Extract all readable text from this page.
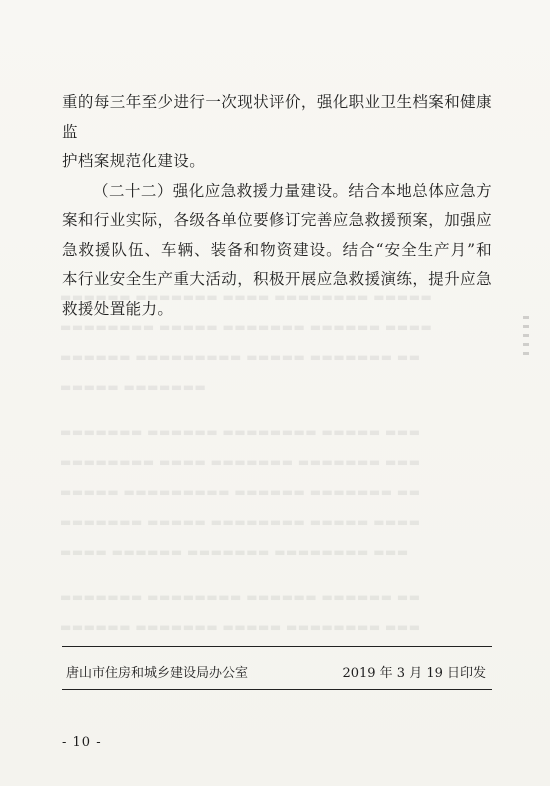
▬▬▬▬▬▬ ▬▬▬▬▬▬▬ ▬▬▬▬ ▬▬▬▬▬▬▬▬ ▬▬▬▬▬

▬▬▬▬▬▬▬▬ ▬▬▬▬▬ ▬▬▬▬▬▬▬ ▬▬▬▬▬▬ ▬▬▬▬

▬▬▬▬▬▬ ▬▬▬▬▬▬▬▬▬ ▬▬▬▬▬ ▬▬▬▬▬▬▬ ▬▬

▬▬▬▬▬ ▬▬▬▬▬▬▬

▬▬▬▬▬▬▬ ▬▬▬▬▬▬ ▬▬▬▬▬▬▬▬ ▬▬▬▬▬ ▬▬▬

▬▬▬▬▬▬▬▬ ▬▬▬▬ ▬▬▬▬▬▬▬ ▬▬▬▬▬▬▬ ▬▬▬

▬▬▬▬▬ ▬▬▬▬▬▬▬▬▬ ▬▬▬▬▬▬ ▬▬▬▬▬▬▬ ▬▬

▬▬▬▬▬▬▬ ▬▬▬▬▬ ▬▬▬▬▬▬▬▬ ▬▬▬▬▬ ▬▬▬▬

▬▬▬▬ ▬▬▬▬▬▬ ▬▬▬▬▬▬▬ ▬▬▬▬▬▬▬▬ ▬▬▬

▬▬▬▬▬▬▬ ▬▬▬▬▬▬▬▬ ▬▬▬▬▬▬ ▬▬▬▬▬▬ ▬▬

▬▬▬▬▬▬ ▬▬▬▬▬▬▬ ▬▬▬▬▬ ▬▬▬▬▬▬▬▬ ▬▬▬

重的每三年至少进行一次现状评价，强化职业卫生档案和健康监
护档案规范化建设。

（二十二）强化应急救援力量建设。结合本地总体应急方案和行业实际，各级各单位要修订完善应急救援预案，加强应急救援队伍、车辆、装备和物资建设。结合“安全生产月”和本行业安全生产重大活动，积极开展应急救援演练，提升应急救援处置能力。

唐山市住房和城乡建设局办公室	2019 年 3 月 19 日印发
- 10 -
